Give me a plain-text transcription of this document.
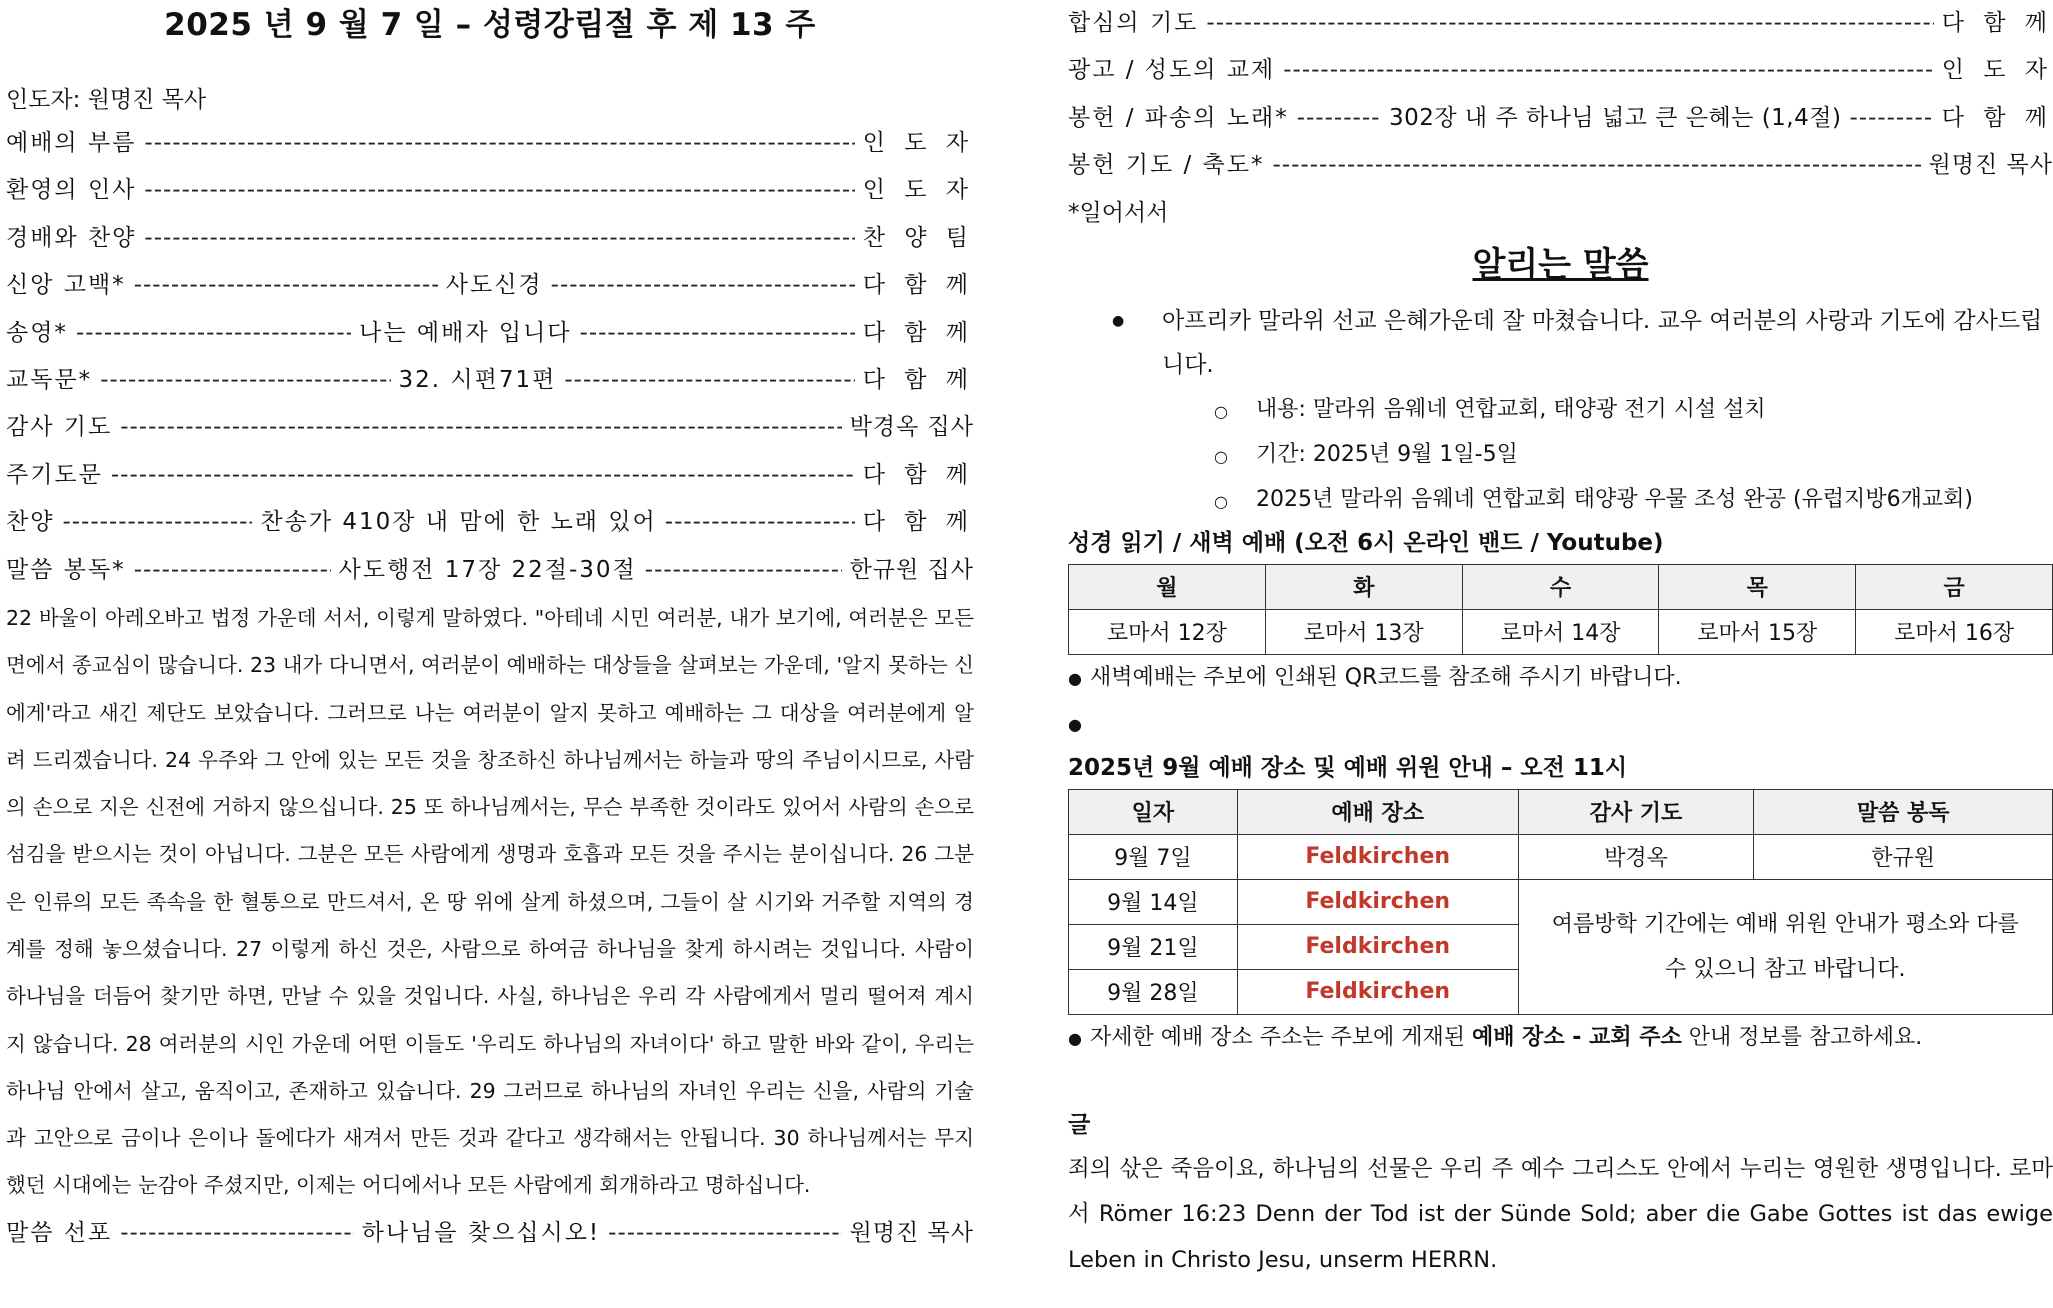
2025 년 9 월 7 일 – 성령강림절 후 제 13 주
인도자: 원명진 목사
예배의 부름 -----	인 도 자
환영의 인사 -----	인 도 자
경배와 찬양 -----	찬 양 팀
신앙 고백* -----	사도신경 -----	다 함 께
송영* -----	나는 예배자 입니다 -----	다 함 께
교독문* -----	32. 시편71편 -----	다 함 께
감사 기도 -----	박경옥 집사
주기도문 -----	다 함 께
찬양 -----	찬송가 410장 내 맘에 한 노래 있어 -----	다 함 께
말씀 봉독* -----	사도행전 17장 22절-30절 -----	한규원 집사

22 바울이 아레오바고 법정 가운데 서서, 이렇게 말하였다. "아테네 시민 여러분, 내가 보기에, 여러분은 모든 면에서 종교심이 많습니다. 23 내가 다니면서, 여러분이 예배하는 대상들을 살펴보는 가운데, '알지 못하는 신에게'라고 새긴 제단도 보았습니다. 그러므로 나는 여러분이 알지 못하고 예배하는 그 대상을 여러분에게 알려 드리겠습니다. 24 우주와 그 안에 있는 모든 것을 창조하신 하나님께서는 하늘과 땅의 주님이시므로, 사람의 손으로 지은 신전에 거하지 않으십니다. 25 또 하나님께서는, 무슨 부족한 것이라도 있어서 사람의 손으로 섬김을 받으시는 것이 아닙니다. 그분은 모든 사람에게 생명과 호흡과 모든 것을 주시는 분이십니다. 26 그분은 인류의 모든 족속을 한 혈통으로 만드셔서, 온 땅 위에 살게 하셨으며, 그들이 살 시기와 거주할 지역의 경계를 정해 놓으셨습니다. 27 이렇게 하신 것은, 사람으로 하여금 하나님을 찾게 하시려는 것입니다. 사람이 하나님을 더듬어 찾기만 하면, 만날 수 있을 것입니다. 사실, 하나님은 우리 각 사람에게서 멀리 떨어져 계시지 않습니다. 28 여러분의 시인 가운데 어떤 이들도 '우리도 하나님의 자녀이다' 하고 말한 바와 같이, 우리는 하나님 안에서 살고, 움직이고, 존재하고 있습니다. 29 그러므로 하나님의 자녀인 우리는 신을, 사람의 기술과 고안으로 금이나 은이나 돌에다가 새겨서 만든 것과 같다고 생각해서는 안됩니다. 30 하나님께서는 무지했던 시대에는 눈감아 주셨지만, 이제는 어디에서나 모든 사람에게 회개하라고 명하십니다.

말씀 선포 -----	하나님을 찾으십시오! -----	원명진 목사
합심의 기도 -----	다 함 께
광고 / 성도의 교제 -----	인 도 자
봉헌 / 파송의 노래* -----	302장 내 주 하나님 넓고 큰 은혜는 (1,4절) -----	다 함 께
봉헌 기도 / 축도* -----	원명진 목사
*일어서서
알리는 말씀
● 아프리카 말라위 선교 은혜가운데 잘 마쳤습니다. 교우 여러분의 사랑과 기도에 감사드립니다.
○ 내용: 말라위 음웨네 연합교회, 태양광 전기 시설 설치
○ 기간: 2025년 9월 1일-5일
○ 2025년 말라위 음웨네 연합교회 태양광 우물 조성 완공 (유럽지방6개교회)
성경 읽기 / 새벽 예배 (오전 6시 온라인 밴드 / Youtube)
월	화	수	목	금
로마서 12장	로마서 13장	로마서 14장	로마서 15장	로마서 16장
● 새벽예배는 주보에 인쇄된 QR코드를 참조해 주시기 바랍니다.
●
2025년 9월 예배 장소 및 예배 위원 안내 – 오전 11시
일자	예배 장소	감사 기도	말씀 봉독
9월 7일	Feldkirchen	박경옥	한규원
9월 14일	Feldkirchen	여름방학 기간에는 예배 위원 안내가 평소와 다를 수 있으니 참고 바랍니다.	
9월 21일	Feldkirchen		
9월 28일	Feldkirchen		
● 자세한 예배 장소 주소는 주보에 게재된 예배 장소 - 교회 주소 안내 정보를 참고하세요.
글
죄의 삯은 죽음이요, 하나님의 선물은 우리 주 예수 그리스도 안에서 누리는 영원한 생명입니다. 로마서 Römer 16:23 Denn der Tod ist der Sünde Sold; aber die Gabe Gottes ist das ewige Leben in Christo Jesu, unserm HERRN.
